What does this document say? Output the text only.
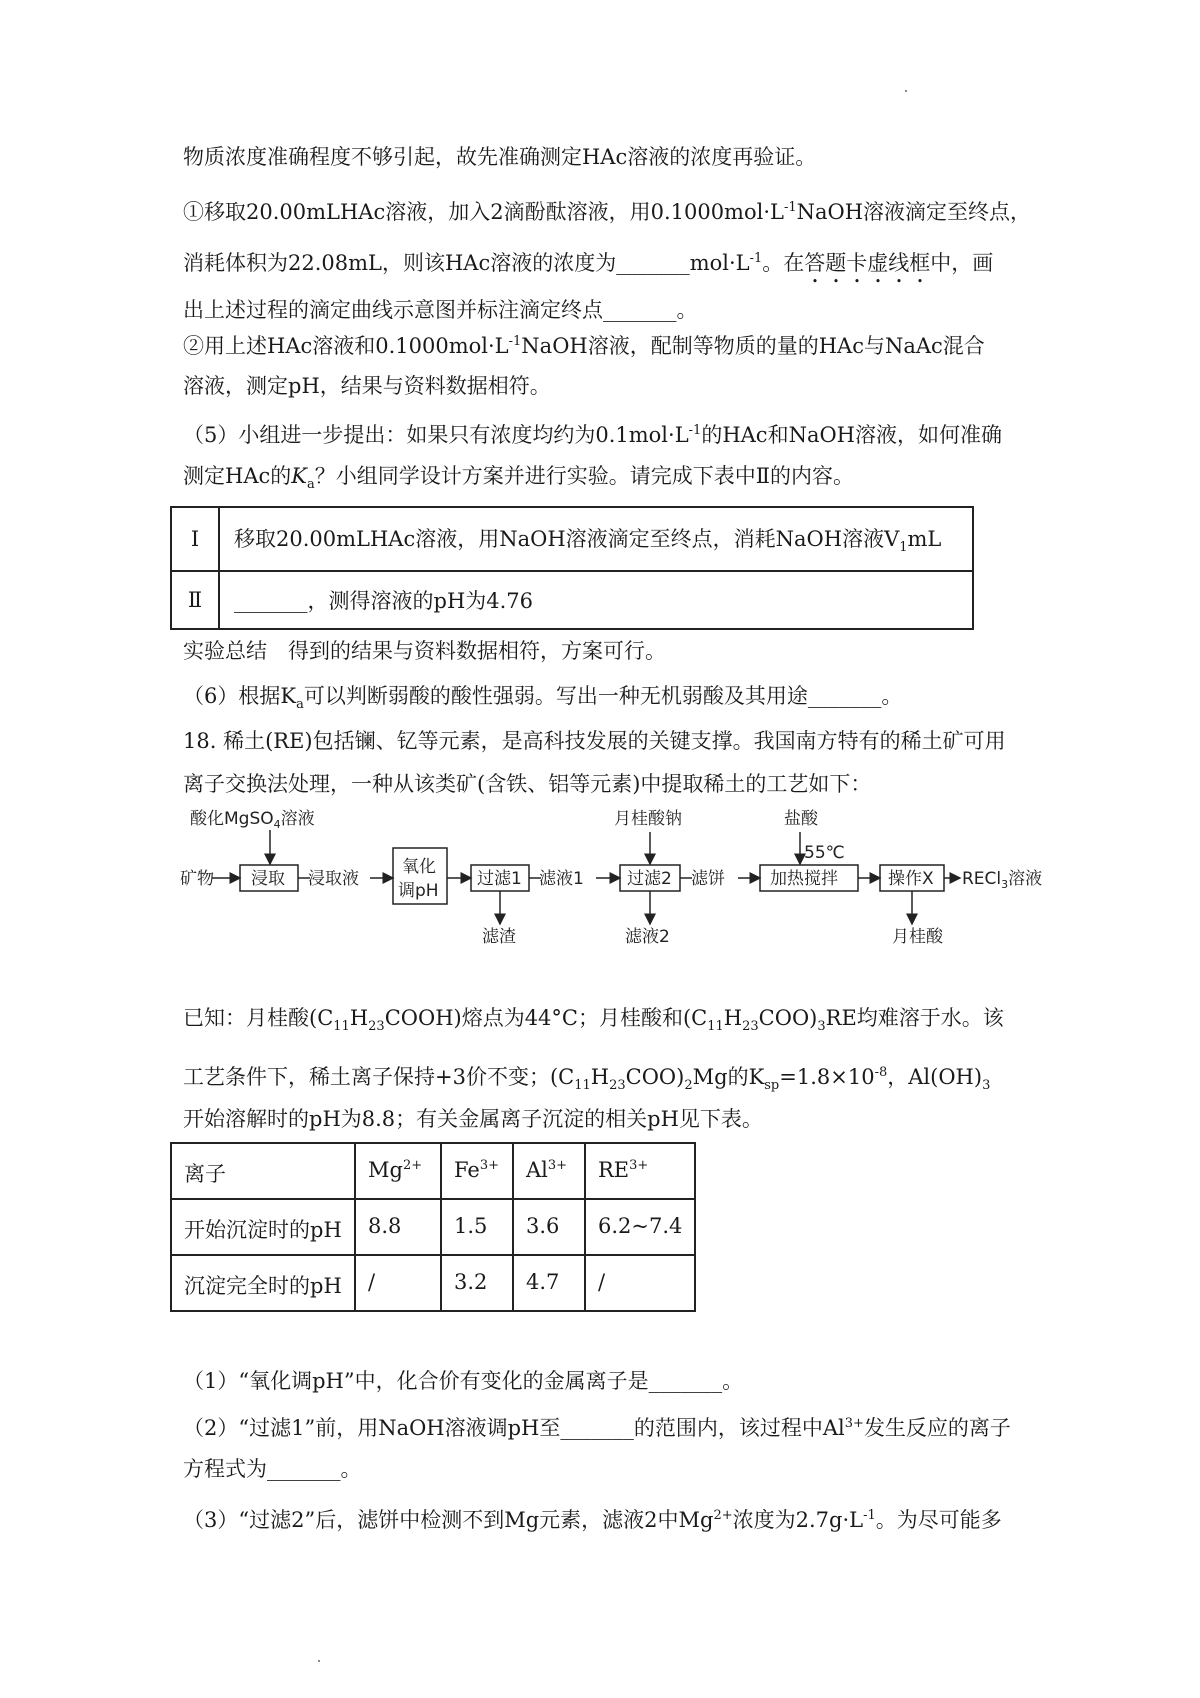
物质浓度准确程度不够引起，故先准确测定HAc溶液的浓度再验证。
①移取20.00mLHAc溶液，加入2滴酚酞溶液，用$0.1000mol\cdot L^{-1}NaOH$溶液滴定至终点，
消耗体积为22.08mL，则该HAc溶液的浓度为$\_\_\_\_\_\_\_mol\cdot L^{-1}$。在答题卡虚线框中，画
出上述过程的滴定曲线示意图并标注滴定终点_______。
②用上述HAc溶液和$0.1000mol\cdot L^{-1}NaOH$溶液，配制等物质的量的HAc与NaAc混合
溶液，测定pH，结果与资料数据相符。
（5）小组进一步提出：如果只有浓度均约为$0.1mol\cdot L^{-1}$的HAc和NaOH溶液，如何准确
测定HAc的$K_a$？小组同学设计方案并进行实验。请完成下表中Ⅱ的内容。
Ⅰ	移取20.00mLHAc溶液，用NaOH溶液滴定至终点，消耗NaOH溶液$V_1mL$
Ⅱ	_______，测得溶液的pH为4.76
实验总结　得到的结果与资料数据相符，方案可行。
（6）根据$K_a$可以判断弱酸的酸性强弱。写出一种无机弱酸及其用途_______。
18. 稀土(RE)包括镧、钇等元素，是高科技发展的关键支撑。我国南方特有的稀土矿可用
离子交换法处理，一种从该类矿(含铁、铝等元素)中提取稀土的工艺如下：
酸化MgSO$_4$溶液
矿物 浸取 浸取液
氧化
调pH
过滤1 滤液1
月桂酸钠
过滤2 滤饼
盐酸
55℃
加热搅拌	操作X RECl$_3$溶液
滤渣	滤液2	月桂酸
已知：月桂酸$(C_{11}H_{23}COOH)$熔点为44°C；月桂酸和$(C_{11}H_{23}COO)_3RE$均难溶于水。该
工艺条件下，稀土离子保持+3价不变；$(C_{11}H_{23}COO)_2Mg$的$K_{sp}=1.8\times 10^{-8}$，$Al(OH)_3$
开始溶解时的pH为8.8；有关金属离子沉淀的相关pH见下表。
离子	$Mg^{2+}$	$Fe^{3+}$	$Al^{3+}$	$RE^{3+}$
开始沉淀时的pH	8.8	1.5	3.6	6.2~7.4
沉淀完全时的pH	/	3.2	4.7	/
（1）“氧化调pH”中，化合价有变化的金属离子是_______。
（2）“过滤1”前，用NaOH溶液调pH至_______的范围内，该过程中$Al^{3+}$发生反应的离子
方程式为_______。
（3）“过滤2”后，滤饼中检测不到Mg元素，滤液2中$Mg^{2+}$浓度为$2.7g\cdot L^{-1}$。为尽可能多
